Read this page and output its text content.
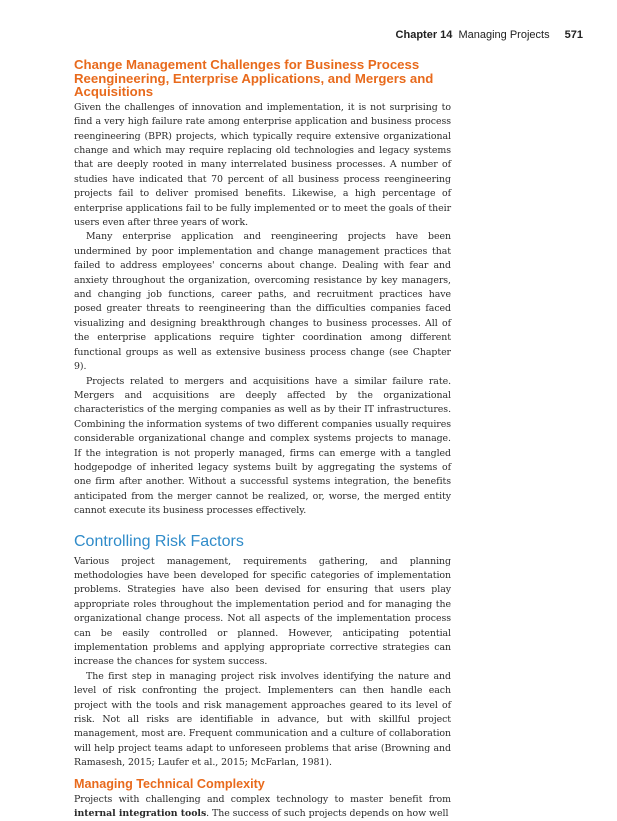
Chapter 14 Managing Projects 571
Change Management Challenges for Business Process Reengineering, Enterprise Applications, and Mergers and Acquisitions

Given the challenges of innovation and implementation, it is not surprising to find a very high failure rate among enterprise application and business process reengineering (BPR) projects, which typically require extensive organizational change and which may require replacing old technologies and legacy systems that are deeply rooted in many interrelated business processes. A number of studies have indicated that 70 percent of all business process reengineering projects fail to deliver promised benefits. Likewise, a high percentage of enterprise applications fail to be fully implemented or to meet the goals of their users even after three years of work.

Many enterprise application and reengineering projects have been undermined by poor implementation and change management practices that failed to address employees' concerns about change. Dealing with fear and anxiety throughout the organization, overcoming resistance by key managers, and changing job functions, career paths, and recruitment practices have posed greater threats to reengineering than the difficulties companies faced visualizing and designing breakthrough changes to business processes. All of the enterprise applications require tighter coordination among different functional groups as well as extensive business process change (see Chapter 9).

Projects related to mergers and acquisitions have a similar failure rate. Mergers and acquisitions are deeply affected by the organizational characteristics of the merging companies as well as by their IT infrastructures. Combining the information systems of two different companies usually requires considerable organizational change and complex systems projects to manage. If the integration is not properly managed, firms can emerge with a tangled hodgepodge of inherited legacy systems built by aggregating the systems of one firm after another. Without a successful systems integration, the benefits anticipated from the merger cannot be realized, or, worse, the merged entity cannot execute its business processes effectively.

Controlling Risk Factors

Various project management, requirements gathering, and planning methodologies have been developed for specific categories of implementation problems. Strategies have also been devised for ensuring that users play appropriate roles throughout the implementation period and for managing the organizational change process. Not all aspects of the implementation process can be easily controlled or planned. However, anticipating potential implementation problems and applying appropriate corrective strategies can increase the chances for system success.

The first step in managing project risk involves identifying the nature and level of risk confronting the project. Implementers can then handle each project with the tools and risk management approaches geared to its level of risk. Not all risks are identifiable in advance, but with skillful project management, most are. Frequent communication and a culture of collaboration will help project teams adapt to unforeseen problems that arise (Browning and Ramasesh, 2015; Laufer et al., 2015; McFarlan, 1981).

Managing Technical Complexity

Projects with challenging and complex technology to master benefit from internal integration tools. The success of such projects depends on how well
